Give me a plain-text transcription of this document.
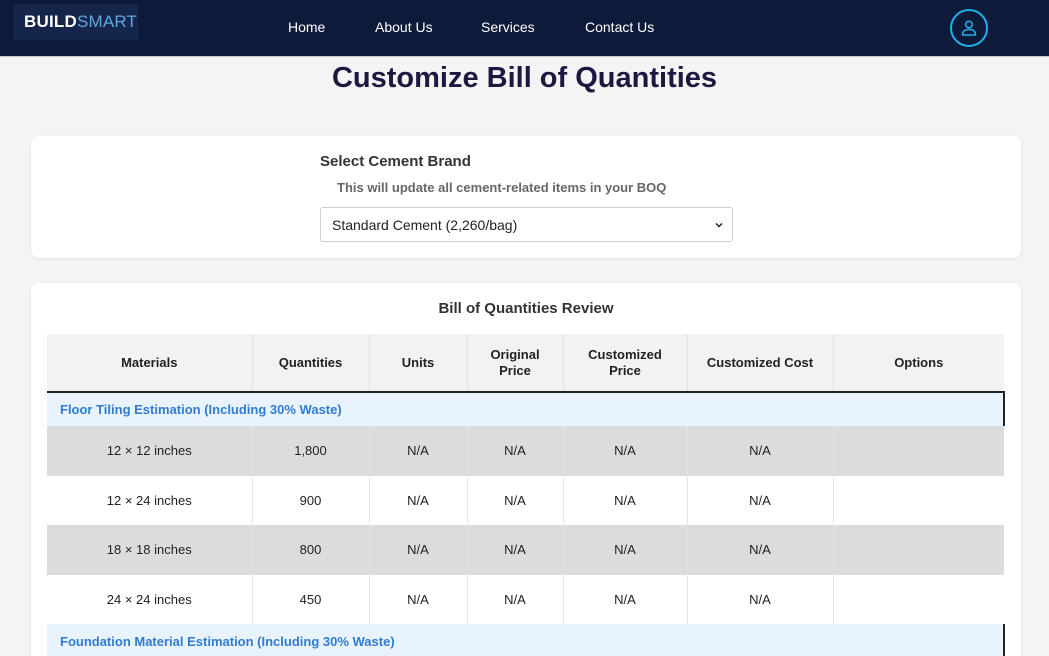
BUILD SMART	Home	About Us	Services	Contact Us
Customize Bill of Quantities
Select Cement Brand
This will update all cement-related items in your BOQ
Standard Cement (2,260/bag)
Bill of Quantities Review
Materials	Quantities	Units	Original Price	Customized Price	Customized Cost	Options
Floor Tiling Estimation (Including 30% Waste)						
12 × 12 inches	1,800	N/A	N/A	N/A	N/A	
12 × 24 inches	900	N/A	N/A	N/A	N/A	
18 × 18 inches	800	N/A	N/A	N/A	N/A	
24 × 24 inches	450	N/A	N/A	N/A	N/A	
Foundation Material Estimation (Including 30% Waste)						
